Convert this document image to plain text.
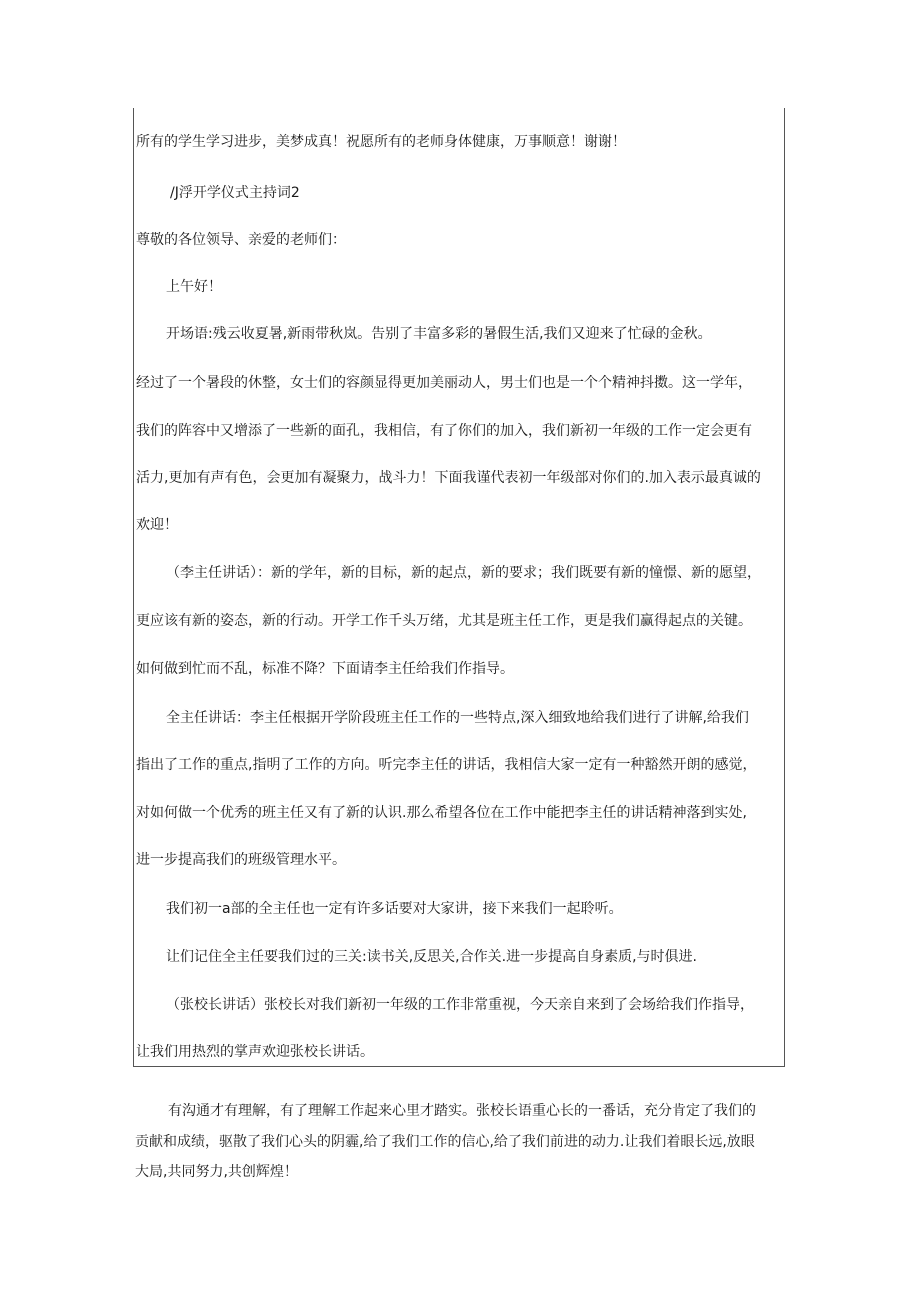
所有的学生学习进步，美梦成真！祝愿所有的老师身体健康，万事顺意！谢谢！
/J浮开学仪式主持词2
尊敬的各位领导、亲爱的老师们：
上午好！
开场语:残云收夏暑,新雨带秋岚。告别了丰富多彩的暑假生活,我们又迎来了忙碌的金秋。
经过了一个暑段的休整，女士们的容颜显得更加美丽动人，男士们也是一个个精神抖擞。这一学年，
我们的阵容中又增添了一些新的面孔，我相信，有了你们的加入，我们新初一年级的工作一定会更有
活力,更加有声有色，会更加有凝聚力，战斗力！下面我谨代表初一年级部对你们的.加入表示最真诚的
欢迎！
（李主任讲话）：新的学年，新的目标，新的起点，新的要求；我们既要有新的憧憬、新的愿望，
更应该有新的姿态，新的行动。开学工作千头万绪，尤其是班主任工作，更是我们赢得起点的关键。
如何做到忙而不乱，标准不降？下面请李主任给我们作指导。
全主任讲话：李主任根据开学阶段班主任工作的一些特点,深入细致地给我们进行了讲解,给我们
指出了工作的重点,指明了工作的方向。听完李主任的讲话，我相信大家一定有一种豁然开朗的感觉，
对如何做一个优秀的班主任又有了新的认识.那么希望各位在工作中能把李主任的讲话精神落到实处,
进一步提高我们的班级管理水平。
我们初一a部的全主任也一定有许多话要对大家讲，接下来我们一起聆听。
让们记住全主任要我们过的三关:读书关,反思关,合作关.进一步提高自身素质,与时俱进.
（张校长讲话）张校长对我们新初一年级的工作非常重视，今天亲自来到了会场给我们作指导，
让我们用热烈的掌声欢迎张校长讲话。
有沟通才有理解，有了理解工作起来心里才踏实。张校长语重心长的一番话，充分肯定了我们的
贡献和成绩，驱散了我们心头的阴霾,给了我们工作的信心,给了我们前进的动力.让我们着眼长远,放眼
大局,共同努力,共创辉煌！
